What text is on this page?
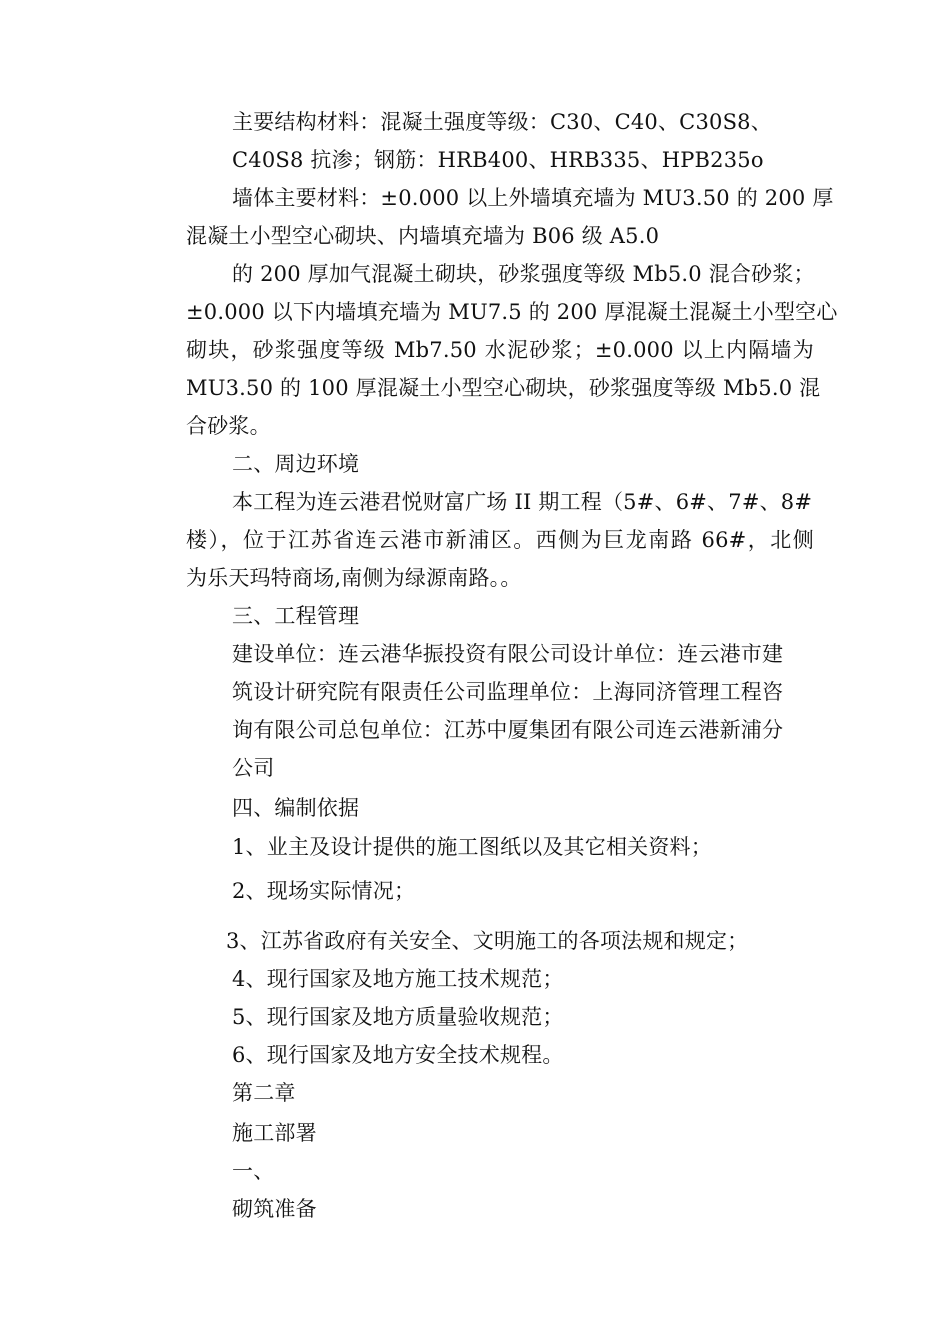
主要结构材料：混凝土强度等级：C30、C40、C30S8、
C40S8 抗渗；钢筋：HRB400、HRB335、HPB235o
墙体主要材料：±0.000 以上外墙填充墙为 MU3.50 的 200 厚
混凝土小型空心砌块、内墙填充墙为 B06 级 A5.0
的 200 厚加气混凝土砌块，砂浆强度等级 Mb5.0 混合砂浆；
±0.000 以下内墙填充墙为 MU7.5 的 200 厚混凝土混凝土小型空心
砌块，砂浆强度等级 Mb7.50 水泥砂浆；±0.000 以上内隔墙为
MU3.50 的 100 厚混凝土小型空心砌块，砂浆强度等级 Mb5.0 混
合砂浆。
二、周边环境
本工程为连云港君悦财富广场 II 期工程（5#、6#、7#、8#
楼），位于江苏省连云港市新浦区。西侧为巨龙南路 66#，北侧
为乐天玛特商场,南侧为绿源南路。。
三、工程管理
建设单位：连云港华振投资有限公司设计单位：连云港市建
筑设计研究院有限责任公司监理单位：上海同济管理工程咨
询有限公司总包单位：江苏中厦集团有限公司连云港新浦分
公司
四、编制依据
1、业主及设计提供的施工图纸以及其它相关资料；
2、现场实际情况；
3、江苏省政府有关安全、文明施工的各项法规和规定；
4、现行国家及地方施工技术规范；
5、现行国家及地方质量验收规范；
6、现行国家及地方安全技术规程。
第二章
施工部署
一、
砌筑准备
